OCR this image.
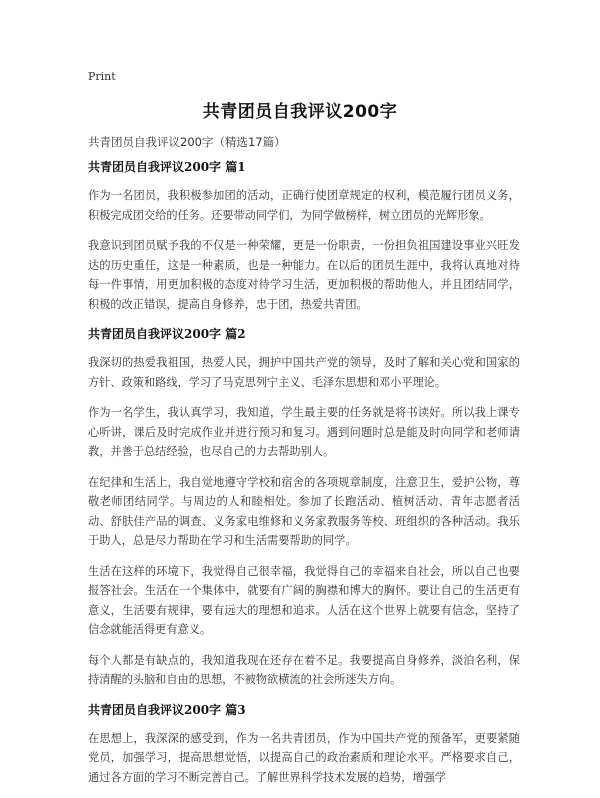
Print
共青团员自我评议200字

共青团员自我评议200字（精选17篇）

共青团员自我评议200字 篇1

作为一名团员，我积极参加团的活动，正确行使团章规定的权利，模范履行团员义务，积极完成团交给的任务。还要带动同学们，为同学做榜样，树立团员的光辉形象。

我意识到团员赋予我的不仅是一种荣耀，更是一份职责，一份担负祖国建设事业兴旺发达的历史重任，这是一种素质，也是一种能力。在以后的团员生涯中，我将认真地对待每一件事情，用更加积极的态度对待学习生活，更加积极的帮助他人，并且团结同学，积极的改正错误，提高自身修养，忠于团，热爱共青团。

共青团员自我评议200字 篇2

我深切的热爱我祖国，热爱人民，拥护中国共产党的领导，及时了解和关心党和国家的方针、政策和路线，学习了马克思列宁主义、毛泽东思想和邓小平理论。

作为一名学生，我认真学习，我知道，学生最主要的任务就是将书读好。所以我上课专心听讲，课后及时完成作业并进行预习和复习。遇到问题时总是能及时向同学和老师请教，并善于总结经验，也尽自己的力去帮助别人。

在纪律和生活上，我自觉地遵守学校和宿舍的各项规章制度，注意卫生，爱护公物，尊敬老师团结同学。与周边的人和睦相处。参加了长跑活动、植树活动、青年志愿者活动、舒肤佳产品的调查、义务家电维修和义务家教服务等校、班组织的各种活动。我乐于助人，总是尽力帮助在学习和生活需要帮助的同学。

生活在这样的环境下，我觉得自己很幸福，我觉得自己的幸福来自社会，所以自己也要报答社会。生活在一个集体中，就要有广阔的胸襟和博大的胸怀。要让自己的生活更有意义，生活要有规律，要有远大的理想和追求。人活在这个世界上就要有信念，坚持了信念就能活得更有意义。

每个人都是有缺点的，我知道我现在还存在着不足。我要提高自身修养，淡泊名利，保持清醒的头脑和自由的思想，不被物欲横流的社会所迷失方向。

共青团员自我评议200字 篇3

在思想上，我深深的感受到，作为一名共青团员，作为中国共产党的预备军，更要紧随党员，加强学习，提高思想觉悟，以提高自己的政治素质和理论水平。严格要求自己，通过各方面的学习不断完善自己。了解世界科学技术发展的趋势，增强学
